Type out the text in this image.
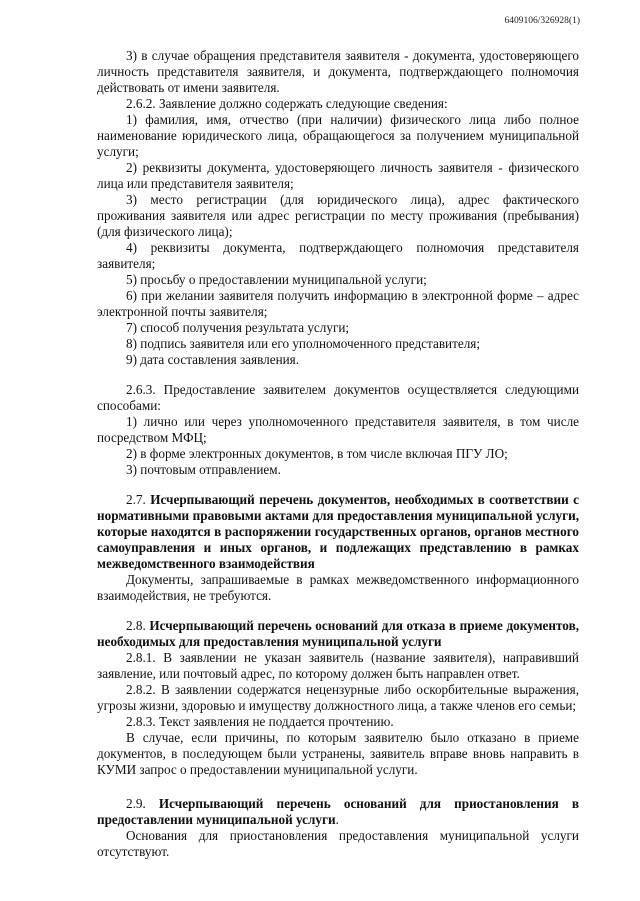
6409106/326928(1)

3) в случае обращения представителя заявителя - документа, удостоверяющего личность представителя заявителя, и документа, подтверждающего полномочия действовать от имени заявителя.

2.6.2. Заявление должно содержать следующие сведения:

1) фамилия, имя, отчество (при наличии) физического лица либо полное наименование юридического лица, обращающегося за получением муниципальной услуги;

2) реквизиты документа, удостоверяющего личность заявителя - физического лица или представителя заявителя;

3) место регистрации (для юридического лица), адрес фактического проживания заявителя или адрес регистрации по месту проживания (пребывания) (для физического лица);

4) реквизиты документа, подтверждающего полномочия представителя заявителя;

5) просьбу о предоставлении муниципальной услуги;

6) при желании заявителя получить информацию в электронной форме – адрес электронной почты заявителя;

7) способ получения результата услуги;

8) подпись заявителя или его уполномоченного представителя;

9) дата составления заявления.

2.6.3. Предоставление заявителем документов осуществляется следующими способами:

1) лично или через уполномоченного представителя заявителя, в том числе посредством МФЦ;

2) в форме электронных документов, в том числе включая ПГУ ЛО;

3) почтовым отправлением.

2.7. Исчерпывающий перечень документов, необходимых в соответствии с нормативными правовыми актами для предоставления муниципальной услуги, которые находятся в распоряжении государственных органов, органов местного самоуправления и иных органов, и подлежащих представлению в рамках межведомственного взаимодействия

Документы, запрашиваемые в рамках межведомственного информационного взаимодействия, не требуются.

2.8. Исчерпывающий перечень оснований для отказа в приеме документов, необходимых для предоставления муниципальной услуги

2.8.1. В заявлении не указан заявитель (название заявителя), направивший заявление, или почтовый адрес, по которому должен быть направлен ответ.

2.8.2. В заявлении содержатся нецензурные либо оскорбительные выражения, угрозы жизни, здоровью и имуществу должностного лица, а также членов его семьи;

2.8.3. Текст заявления не поддается прочтению.

В случае, если причины, по которым заявителю было отказано в приеме документов, в последующем были устранены, заявитель вправе вновь направить в КУМИ запрос о предоставлении муниципальной услуги.

2.9. Исчерпывающий перечень оснований для приостановления в предоставлении муниципальной услуги.

Основания для приостановления предоставления муниципальной услуги отсутствуют.
